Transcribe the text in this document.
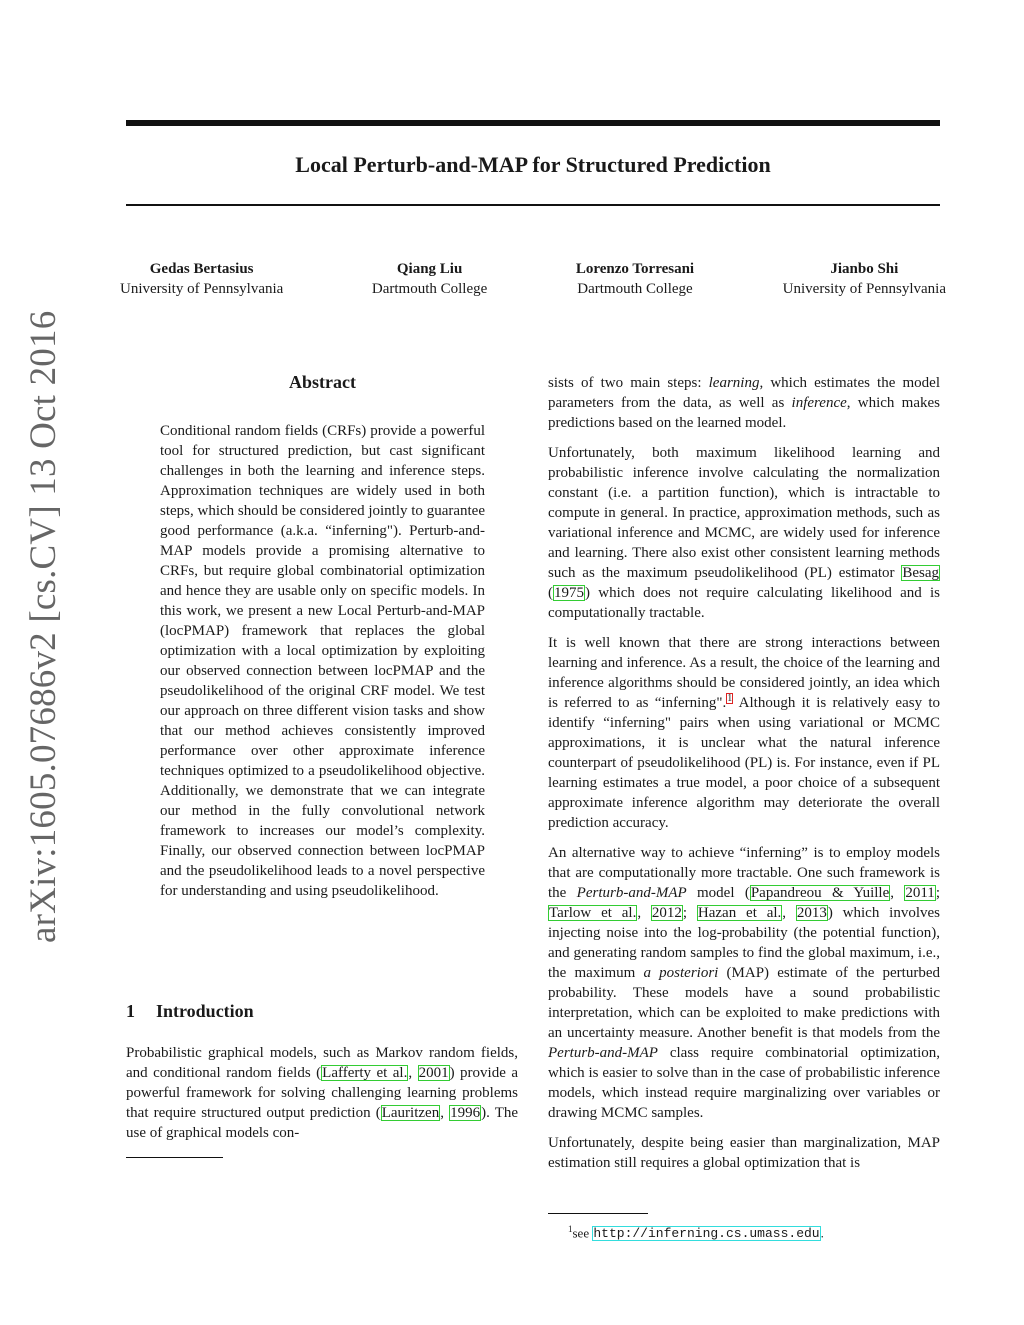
arXiv:1605.07686v2 [cs.CV] 13 Oct 2016
Local Perturb-and-MAP for Structured Prediction
Gedas Bertasius
University of Pennsylvania
Qiang Liu
Dartmouth College
Lorenzo Torresani
Dartmouth College
Jianbo Shi
University of Pennsylvania
Abstract
Conditional random fields (CRFs) provide a powerful tool for structured prediction, but cast significant challenges in both the learning and inference steps. Approximation techniques are widely used in both steps, which should be considered jointly to guarantee good performance (a.k.a. “inferning"). Perturb-and-MAP models provide a promising alternative to CRFs, but require global combinatorial optimization and hence they are usable only on specific models. In this work, we present a new Local Perturb-and-MAP (locPMAP) framework that replaces the global optimization with a local optimization by exploiting our observed connection between locPMAP and the pseudolikelihood of the original CRF model. We test our approach on three different vision tasks and show that our method achieves consistently improved performance over other approximate inference techniques optimized to a pseudolikelihood objective. Additionally, we demonstrate that we can integrate our method in the fully convolutional network framework to increases our model’s complexity. Finally, our observed connection between locPMAP and the pseudolikelihood leads to a novel perspective for understanding and using pseudolikelihood.
1 Introduction
Probabilistic graphical models, such as Markov random fields, and conditional random fields (Lafferty et al., 2001) provide a powerful framework for solving challenging learning problems that require structured output prediction (Lauritzen, 1996). The use of graphical models con-

sists of two main steps: learning, which estimates the model parameters from the data, as well as inference, which makes predictions based on the learned model.

Unfortunately, both maximum likelihood learning and probabilistic inference involve calculating the normalization constant (i.e. a partition function), which is intractable to compute in general. In practice, approximation methods, such as variational inference and MCMC, are widely used for inference and learning. There also exist other consistent learning methods such as the maximum pseudolikelihood (PL) estimator Besag (1975) which does not require calculating likelihood and is computationally tractable.

It is well known that there are strong interactions between learning and inference. As a result, the choice of the learning and inference algorithms should be considered jointly, an idea which is referred to as “inferning".$^1$ Although it is relatively easy to identify “inferning" pairs when using variational or MCMC approximations, it is unclear what the natural inference counterpart of pseudolikelihood (PL) is. For instance, even if PL learning estimates a true model, a poor choice of a subsequent approximate inference algorithm may deteriorate the overall prediction accuracy.

An alternative way to achieve “inferning” is to employ models that are computationally more tractable. One such framework is the Perturb-and-MAP model (Papandreou & Yuille, 2011; Tarlow et al., 2012; Hazan et al., 2013) which involves injecting noise into the log-probability (the potential function), and generating random samples to find the global maximum, i.e., the maximum a posteriori (MAP) estimate of the perturbed probability. These models have a sound probabilistic interpretation, which can be exploited to make predictions with an uncertainty measure. Another benefit is that models from the Perturb-and-MAP class require combinatorial optimization, which is easier to solve than in the case of probabilistic inference models, which instead require marginalizing over variables or drawing MCMC samples.

Unfortunately, despite being easier than marginalization, MAP estimation still requires a global optimization that is

$^1$see http://inferning.cs.umass.edu.
